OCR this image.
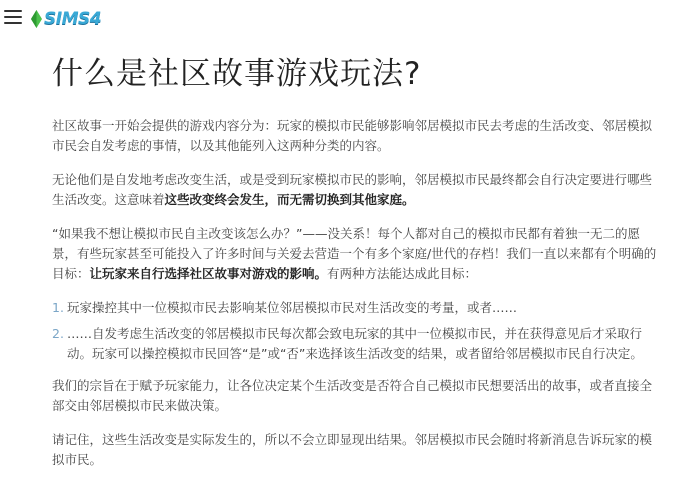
SIMS4
什么是社区故事游戏玩法?

社区故事一开始会提供的游戏内容分为：玩家的模拟市民能够影响邻居模拟市民去考虑的生活改变、邻居模拟市民会自发考虑的事情，以及其他能列入这两种分类的内容。

无论他们是自发地考虑改变生活，或是受到玩家模拟市民的影响，邻居模拟市民最终都会自行决定要进行哪些生活改变。这意味着这些改变终会发生，而无需切换到其他家庭。

“如果我不想让模拟市民自主改变该怎么办？”——没关系！每个人都对自己的模拟市民都有着独一无二的愿景，有些玩家甚至可能投入了许多时间与关爱去营造一个有多个家庭/世代的存档！我们一直以来都有个明确的目标：让玩家来自行选择社区故事对游戏的影响。有两种方法能达成此目标：

1. 玩家操控其中一位模拟市民去影响某位邻居模拟市民对生活改变的考量，或者……
2. ……自发考虑生活改变的邻居模拟市民每次都会致电玩家的其中一位模拟市民，并在获得意见后才采取行动。玩家可以操控模拟市民回答“是”或“否”来选择该生活改变的结果，或者留给邻居模拟市民自行决定。

我们的宗旨在于赋予玩家能力，让各位决定某个生活改变是否符合自己模拟市民想要活出的故事，或者直接全部交由邻居模拟市民来做决策。

请记住，这些生活改变是实际发生的，所以不会立即显现出结果。邻居模拟市民会随时将新消息告诉玩家的模拟市民。
